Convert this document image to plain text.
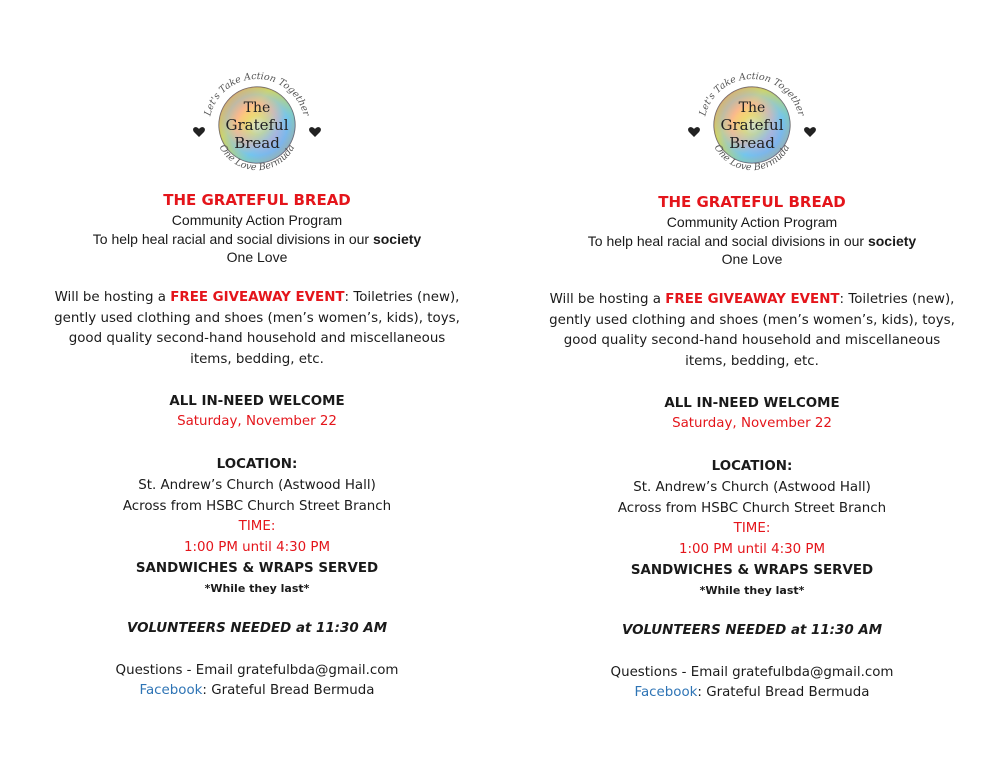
Let's Take Action Together
One Love Bermuda
The
Grateful
Bread
THE GRATEFUL BREAD
Community Action Program
To help heal racial and social divisions in our society
One Love
Will be hosting a FREE GIVEAWAY EVENT: Toiletries (new),
gently used clothing and shoes (men’s women’s, kids), toys,
good quality second-hand household and miscellaneous
items, bedding, etc.
ALL IN-NEED WELCOME
Saturday, November 22
LOCATION:
St. Andrew’s Church (Astwood Hall)
Across from HSBC Church Street Branch
TIME:
1:00 PM until 4:30 PM
SANDWICHES & WRAPS SERVED
*While they last*
VOLUNTEERS NEEDED at 11:30 AM
Questions - Email gratefulbda@gmail.com
Facebook: Grateful Bread Bermuda
Let's Take Action Together
One Love Bermuda
The
Grateful
Bread
THE GRATEFUL BREAD
Community Action Program
To help heal racial and social divisions in our society
One Love
Will be hosting a FREE GIVEAWAY EVENT: Toiletries (new),
gently used clothing and shoes (men’s women’s, kids), toys,
good quality second-hand household and miscellaneous
items, bedding, etc.
ALL IN-NEED WELCOME
Saturday, November 22
LOCATION:
St. Andrew’s Church (Astwood Hall)
Across from HSBC Church Street Branch
TIME:
1:00 PM until 4:30 PM
SANDWICHES & WRAPS SERVED
*While they last*
VOLUNTEERS NEEDED at 11:30 AM
Questions - Email gratefulbda@gmail.com
Facebook: Grateful Bread Bermuda
